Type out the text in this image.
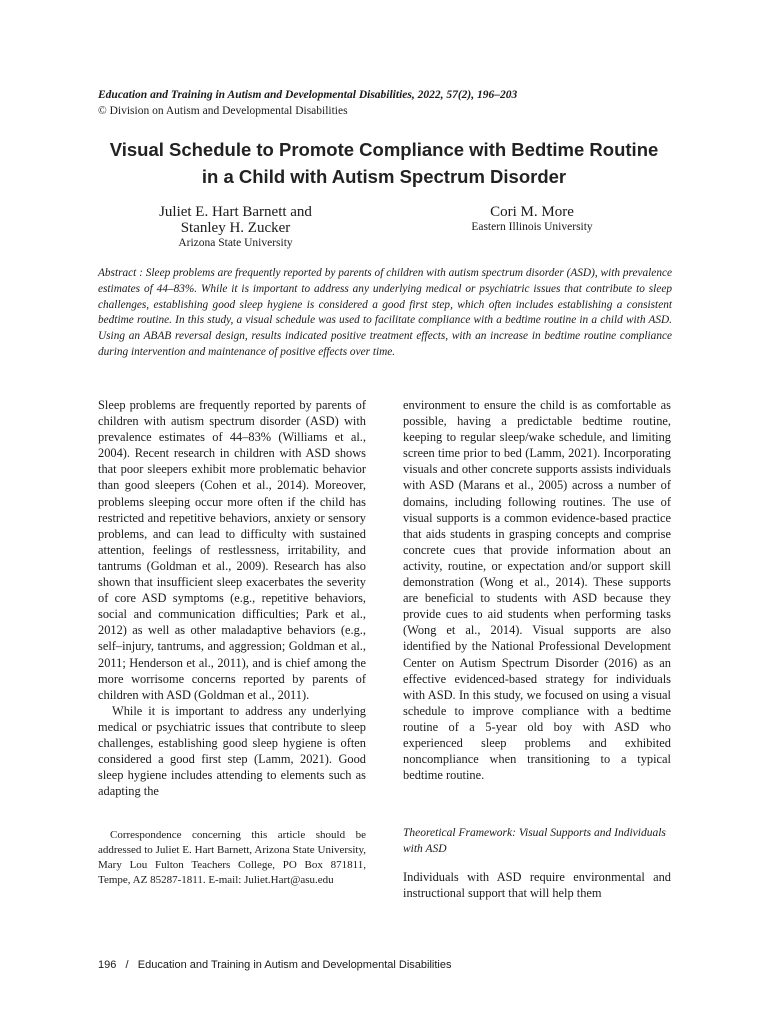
Education and Training in Autism and Developmental Disabilities, 2022, 57(2), 196–203
© Division on Autism and Developmental Disabilities
Visual Schedule to Promote Compliance with Bedtime Routine in a Child with Autism Spectrum Disorder
Juliet E. Hart Barnett and
Stanley H. Zucker
Arizona State University
Cori M. More
Eastern Illinois University

Abstract : Sleep problems are frequently reported by parents of children with autism spectrum disorder (ASD), with prevalence estimates of 44–83%. While it is important to address any underlying medical or psychiatric issues that contribute to sleep challenges, establishing good sleep hygiene is considered a good first step, which often includes establishing a consistent bedtime routine. In this study, a visual schedule was used to facilitate compliance with a bedtime routine in a child with ASD. Using an ABAB reversal design, results indicated positive treatment effects, with an increase in bedtime routine compliance during intervention and maintenance of positive effects over time.

Sleep problems are frequently reported by parents of children with autism spectrum disorder (ASD) with prevalence estimates of 44–83% (Williams et al., 2004). Recent research in children with ASD shows that poor sleepers exhibit more problematic behavior than good sleepers (Cohen et al., 2014). Moreover, problems sleeping occur more often if the child has restricted and repetitive behaviors, anxiety or sensory problems, and can lead to difficulty with sustained attention, feelings of restlessness, irritability, and tantrums (Goldman et al., 2009). Research has also shown that insufficient sleep exacerbates the severity of core ASD symptoms (e.g., repetitive behaviors, social and communication difficulties; Park et al., 2012) as well as other maladaptive behaviors (e.g., self–injury, tantrums, and aggression; Goldman et al., 2011; Henderson et al., 2011), and is chief among the more worrisome concerns reported by parents of children with ASD (Goldman et al., 2011).

While it is important to address any underlying medical or psychiatric issues that contribute to sleep challenges, establishing good sleep hygiene is often considered a good first step (Lamm, 2021). Good sleep hygiene includes attending to elements such as adapting the

environment to ensure the child is as comfortable as possible, having a predictable bedtime routine, keeping to regular sleep/wake schedule, and limiting screen time prior to bed (Lamm, 2021). Incorporating visuals and other concrete supports assists individuals with ASD (Marans et al., 2005) across a number of domains, including following routines. The use of visual supports is a common evidence-based practice that aids students in grasping concepts and comprise concrete cues that provide information about an activity, routine, or expectation and/or support skill demonstration (Wong et al., 2014). These supports are beneficial to students with ASD because they provide cues to aid students when performing tasks (Wong et al., 2014). Visual supports are also identified by the National Professional Development Center on Autism Spectrum Disorder (2016) as an effective evidenced-based strategy for individuals with ASD. In this study, we focused on using a visual schedule to improve compliance with a bedtime routine of a 5-year old boy with ASD who experienced sleep problems and exhibited noncompliance when transitioning to a typical bedtime routine.

Correspondence concerning this article should be addressed to Juliet E. Hart Barnett, Arizona State University, Mary Lou Fulton Teachers College, PO Box 871811, Tempe, AZ 85287-1811. E-mail: Juliet.Hart@asu.edu

Theoretical Framework: Visual Supports and Individuals with ASD

Individuals with ASD require environmental and instructional support that will help them

196 / Education and Training in Autism and Developmental Disabilities
